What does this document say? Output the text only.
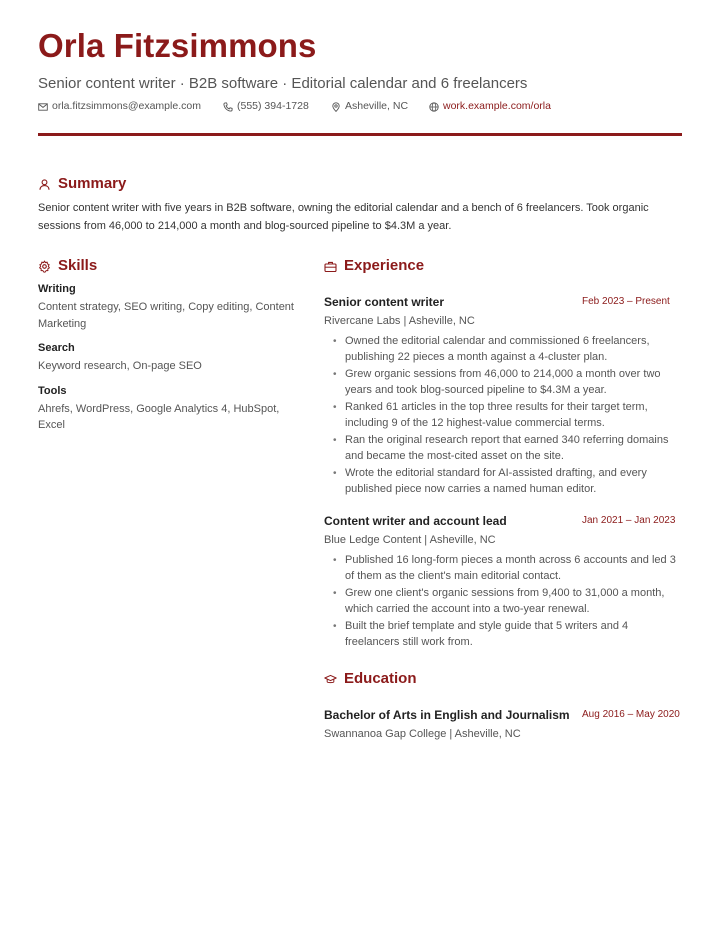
Orla Fitzsimmons
Senior content writer · B2B software · Editorial calendar and 6 freelancers
orla.fitzsimmons@example.com	(555) 394-1728	Asheville, NC	work.example.com/orla
Summary
Senior content writer with five years in B2B software, owning the editorial calendar and a bench of 6 freelancers. Took organic sessions from 46,000 to 214,000 a month and blog-sourced pipeline to $4.3M a year.
Skills
Writing
Content strategy, SEO writing, Copy editing, Content Marketing
Search
Keyword research, On-page SEO
Tools
Ahrefs, WordPress, Google Analytics 4, HubSpot, Excel
Experience
Senior content writer	Feb 2023 – Present
Rivercane Labs | Asheville, NC
• Owned the editorial calendar and commissioned 6 freelancers, publishing 22 pieces a month against a 4-cluster plan.
• Grew organic sessions from 46,000 to 214,000 a month over two years and took blog-sourced pipeline to $4.3M a year.
• Ranked 61 articles in the top three results for their target term, including 9 of the 12 highest-value commercial terms.
• Ran the original research report that earned 340 referring domains and became the most-cited asset on the site.
• Wrote the editorial standard for AI-assisted drafting, and every published piece now carries a named human editor.
Content writer and account lead	Jan 2021 – Jan 2023
Blue Ledge Content | Asheville, NC
• Published 16 long-form pieces a month across 6 accounts and led 3 of them as the client's main editorial contact.
• Grew one client's organic sessions from 9,400 to 31,000 a month, which carried the account into a two-year renewal.
• Built the brief template and style guide that 5 writers and 4 freelancers still work from.
Education
Bachelor of Arts in English and Journalism	Aug 2016 – May 2020
Swannanoa Gap College | Asheville, NC
